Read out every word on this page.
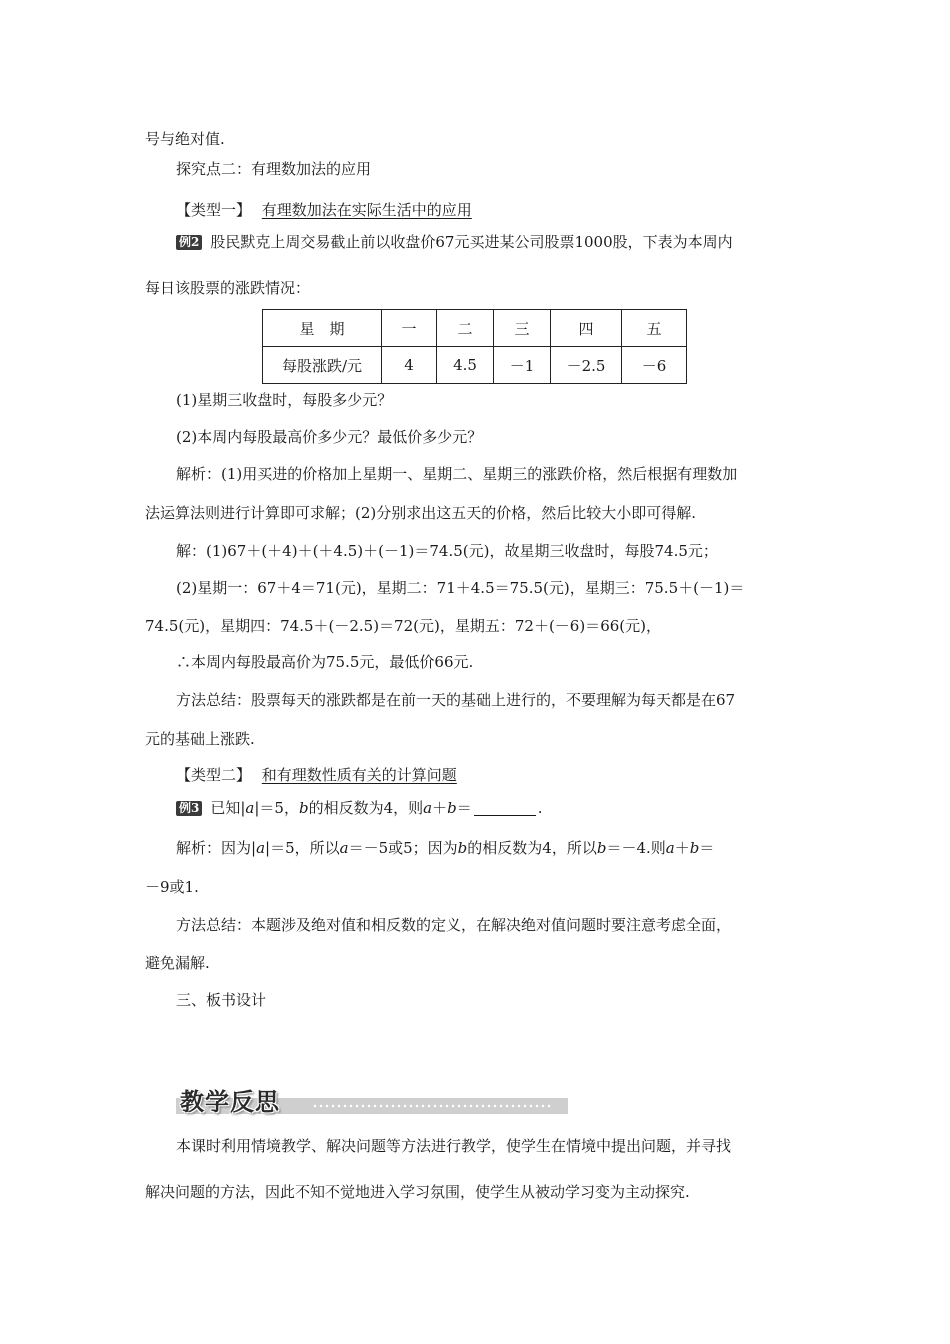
号与绝对值.
探究点二：有理数加法的应用
【类型一】 有理数加法在实际生活中的应用
例2 股民默克上周交易截止前以收盘价67元买进某公司股票1000股，下表为本周内
每日该股票的涨跌情况：
星　期	一	二	三	四	五
每股涨跌/元	4	4.5	－1	－2.5	－6
(1)星期三收盘时，每股多少元？
(2)本周内每股最高价多少元？最低价多少元？
解析：(1)用买进的价格加上星期一、星期二、星期三的涨跌价格，然后根据有理数加
法运算法则进行计算即可求解；(2)分别求出这五天的价格，然后比较大小即可得解.
解：(1)67＋(＋4)＋(＋4.5)＋(－1)＝74.5(元)，故星期三收盘时，每股74.5元；
(2)星期一：67＋4＝71(元)，星期二：71＋4.5＝75.5(元)，星期三：75.5＋(－1)＝
74.5(元)，星期四：74.5＋(－2.5)＝72(元)，星期五：72＋(－6)＝66(元)，
∴本周内每股最高价为75.5元，最低价66元.
方法总结：股票每天的涨跌都是在前一天的基础上进行的，不要理解为每天都是在67
元的基础上涨跌.
【类型二】 和有理数性质有关的计算问题
例3 已知|a|＝5，b的相反数为4，则a＋b＝	.
解析：因为|a|＝5，所以a＝－5或5；因为b的相反数为4，所以b＝－4.则a＋b＝
－9或1.
方法总结：本题涉及绝对值和相反数的定义，在解决绝对值问题时要注意考虑全面，
避免漏解.
三、板书设计
教学反思
本课时利用情境教学、解决问题等方法进行教学，使学生在情境中提出问题，并寻找
解决问题的方法，因此不知不觉地进入学习氛围，使学生从被动学习变为主动探究.
